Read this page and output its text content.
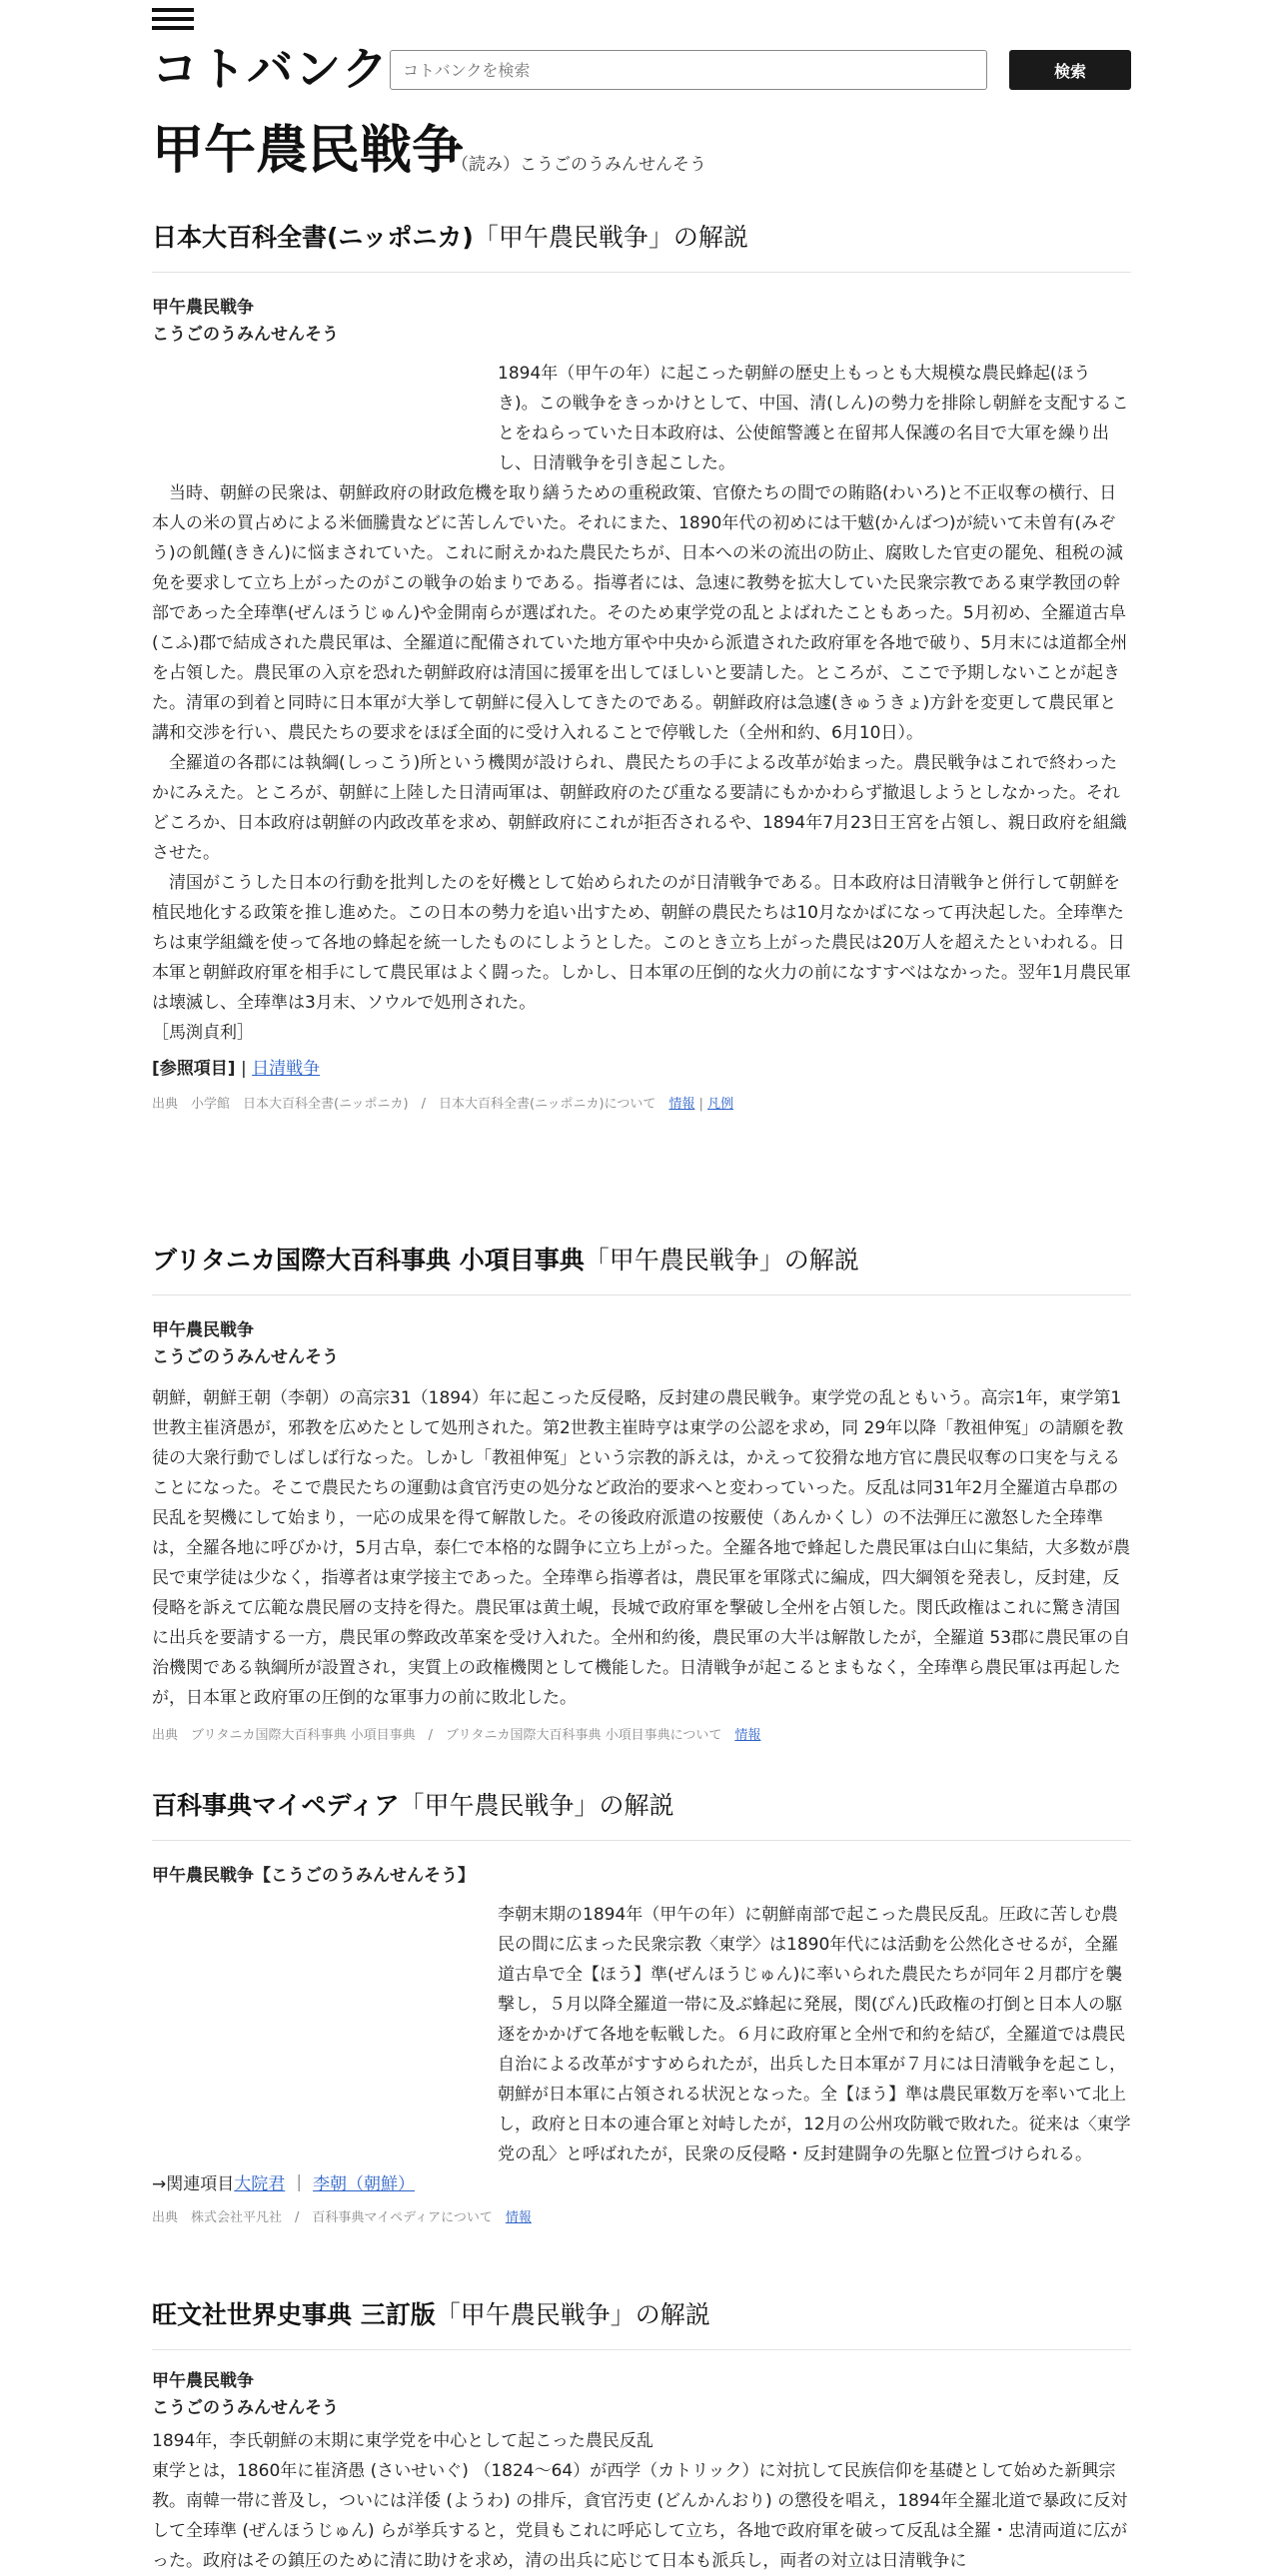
コトバンク
コトバンクを検索	検索
甲午農民戦争
（読み）こうごのうみんせんそう
日本大百科全書(ニッポニカ)「甲午農民戦争」の解説
甲午農民戦争
こうごのうみんせんそう
1894年（甲午の年）に起こった朝鮮の歴史上もっとも大規模な農民蜂起(ほうき)。この戦争をきっかけとして、中国、清(しん)の勢力を排除し朝鮮を支配することをねらっていた日本政府は、公使館警護と在留邦人保護の名目で大軍を繰り出し、日清戦争を引き起こした。
　当時、朝鮮の民衆は、朝鮮政府の財政危機を取り繕うための重税政策、官僚たちの間での賄賂(わいろ)と不正収奪の横行、日本人の米の買占めによる米価騰貴などに苦しんでいた。それにまた、1890年代の初めには干魃(かんばつ)が続いて未曽有(みぞう)の飢饉(ききん)に悩まされていた。これに耐えかねた農民たちが、日本への米の流出の防止、腐敗した官吏の罷免、租税の減免を要求して立ち上がったのがこの戦争の始まりである。指導者には、急速に教勢を拡大していた民衆宗教である東学教団の幹部であった全琫準(ぜんほうじゅん)や金開南らが選ばれた。そのため東学党の乱とよばれたこともあった。5月初め、全羅道古阜(こふ)郡で結成された農民軍は、全羅道に配備されていた地方軍や中央から派遣された政府軍を各地で破り、5月末には道都全州を占領した。農民軍の入京を恐れた朝鮮政府は清国に援軍を出してほしいと要請した。ところが、ここで予期しないことが起きた。清軍の到着と同時に日本軍が大挙して朝鮮に侵入してきたのである。朝鮮政府は急遽(きゅうきょ)方針を変更して農民軍と講和交渉を行い、農民たちの要求をほぼ全面的に受け入れることで停戦した（全州和約、6月10日）。
　全羅道の各郡には執綱(しっこう)所という機関が設けられ、農民たちの手による改革が始まった。農民戦争はこれで終わったかにみえた。ところが、朝鮮に上陸した日清両軍は、朝鮮政府のたび重なる要請にもかかわらず撤退しようとしなかった。それどころか、日本政府は朝鮮の内政改革を求め、朝鮮政府にこれが拒否されるや、1894年7月23日王宮を占領し、親日政府を組織させた。
　清国がこうした日本の行動を批判したのを好機として始められたのが日清戦争である。日本政府は日清戦争と併行して朝鮮を植民地化する政策を推し進めた。この日本の勢力を追い出すため、朝鮮の農民たちは10月なかばになって再決起した。全琫準たちは東学組織を使って各地の蜂起を統一したものにしようとした。このとき立ち上がった農民は20万人を超えたといわれる。日本軍と朝鮮政府軍を相手にして農民軍はよく闘った。しかし、日本軍の圧倒的な火力の前になすすべはなかった。翌年1月農民軍は壊滅し、全琫準は3月末、ソウルで処刑された。
［馬渕貞利］
[参照項目] | 日清戦争
出典　小学館　日本大百科全書(ニッポニカ)　/　日本大百科全書(ニッポニカ)について　 情報 | 凡例
ブリタニカ国際大百科事典 小項目事典「甲午農民戦争」の解説
甲午農民戦争
こうごのうみんせんそう
朝鮮，朝鮮王朝（李朝）の高宗31（1894）年に起こった反侵略，反封建の農民戦争。東学党の乱ともいう。高宗1年，東学第1世教主崔済愚が，邪教を広めたとして処刑された。第2世教主崔時亨は東学の公認を求め，同 29年以降「教祖伸冤」の請願を教徒の大衆行動でしばしば行なった。しかし「教祖伸冤」という宗教的訴えは，かえって狡猾な地方官に農民収奪の口実を与えることになった。そこで農民たちの運動は貪官汚吏の処分など政治的要求へと変わっていった。反乱は同31年2月全羅道古阜郡の民乱を契機にして始まり，一応の成果を得て解散した。その後政府派遣の按覈使（あんかくし）の不法弾圧に激怒した全琫準は，全羅各地に呼びかけ，5月古阜，泰仁で本格的な闘争に立ち上がった。全羅各地で蜂起した農民軍は白山に集結，大多数が農民で東学徒は少なく，指導者は東学接主であった。全琫準ら指導者は，農民軍を軍隊式に編成，四大綱領を発表し，反封建，反侵略を訴えて広範な農民層の支持を得た。農民軍は黄土峴，長城で政府軍を撃破し全州を占領した。閔氏政権はこれに驚き清国に出兵を要請する一方，農民軍の弊政改革案を受け入れた。全州和約後，農民軍の大半は解散したが，全羅道 53郡に農民軍の自治機関である執綱所が設置され，実質上の政権機関として機能した。日清戦争が起こるとまもなく，全琫準ら農民軍は再起したが，日本軍と政府軍の圧倒的な軍事力の前に敗北した。
出典　ブリタニカ国際大百科事典 小項目事典　/　ブリタニカ国際大百科事典 小項目事典について　 情報
百科事典マイペディア「甲午農民戦争」の解説
甲午農民戦争【こうごのうみんせんそう】
李朝末期の1894年（甲午の年）に朝鮮南部で起こった農民反乱。圧政に苦しむ農民の間に広まった民衆宗教〈東学〉は1890年代には活動を公然化させるが，全羅道古阜で全【ほう】準(ぜんほうじゅん)に率いられた農民たちが同年２月郡庁を襲撃し，５月以降全羅道一帯に及ぶ蜂起に発展，閔(びん)氏政権の打倒と日本人の駆逐をかかげて各地を転戦した。６月に政府軍と全州で和約を結び，全羅道では農民自治による改革がすすめられたが，出兵した日本軍が７月には日清戦争を起こし，朝鮮が日本軍に占領される状況となった。全【ほう】準は農民軍数万を率いて北上し，政府と日本の連合軍と対峙したが，12月の公州攻防戦で敗れた。従来は〈東学党の乱〉と呼ばれたが，民衆の反侵略・反封建闘争の先駆と位置づけられる。
→関連項目大院君 ｜ 李朝（朝鮮）
出典　株式会社平凡社　/　百科事典マイペディアについて　 情報
旺文社世界史事典 三訂版「甲午農民戦争」の解説
甲午農民戦争
こうごのうみんせんそう
1894年，李氏朝鮮の末期に東学党を中心として起こった農民反乱
東学とは，1860年に崔済愚 (さいせいぐ) （1824〜64）が西学（カトリック）に対抗して民族信仰を基礎として始めた新興宗教。南韓一帯に普及し，ついには洋倭 (ようわ) の排斥，貪官汚吏 (どんかんおり) の懲役を唱え，1894年全羅北道で暴政に反対して全琫準 (ぜんほうじゅん) らが挙兵すると，党員もこれに呼応して立ち，各地で政府軍を破って反乱は全羅・忠清両道に広がった。政府はその鎮圧のために清に助けを求め，清の出兵に応じて日本も派兵し，両者の対立は日清戦争に
